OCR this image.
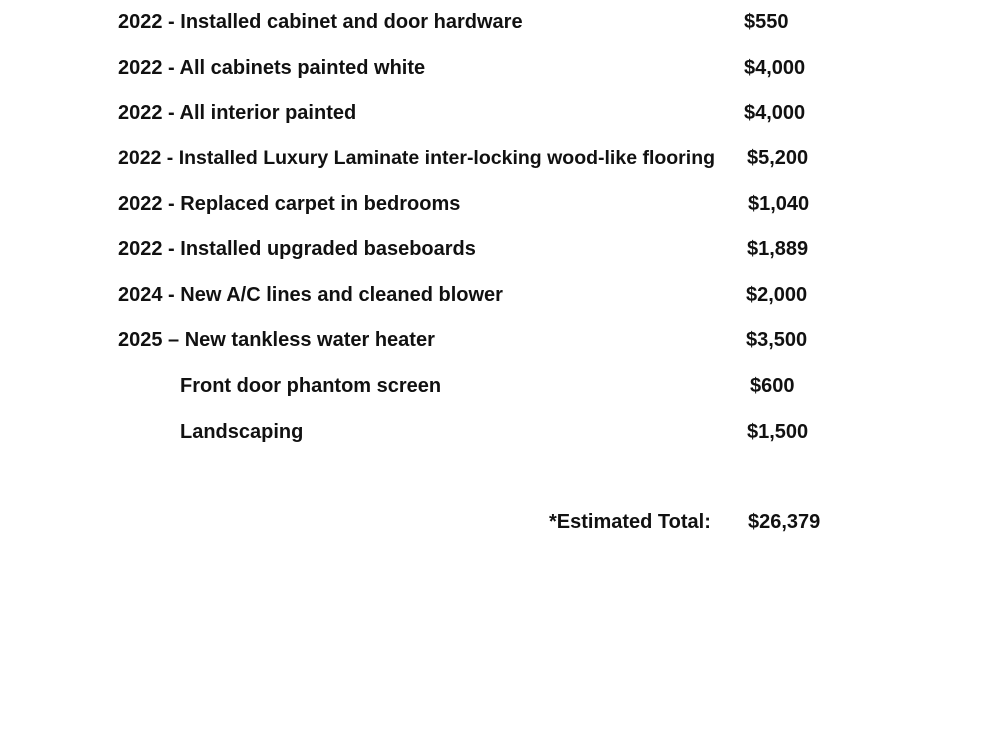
2022 - Installed cabinet and door hardware	$550
2022 - All cabinets painted white	$4,000
2022 - All interior painted	$4,000
2022 - Installed Luxury Laminate inter-locking wood-like flooring $5,200
2022 - Replaced carpet in bedrooms	$1,040
2022 - Installed upgraded baseboards	$1,889
2024 - New A/C lines and cleaned blower	$2,000
2025 – New tankless water heater	$3,500
Front door phantom screen	$600
Landscaping	$1,500
*Estimated Total: $26,379
